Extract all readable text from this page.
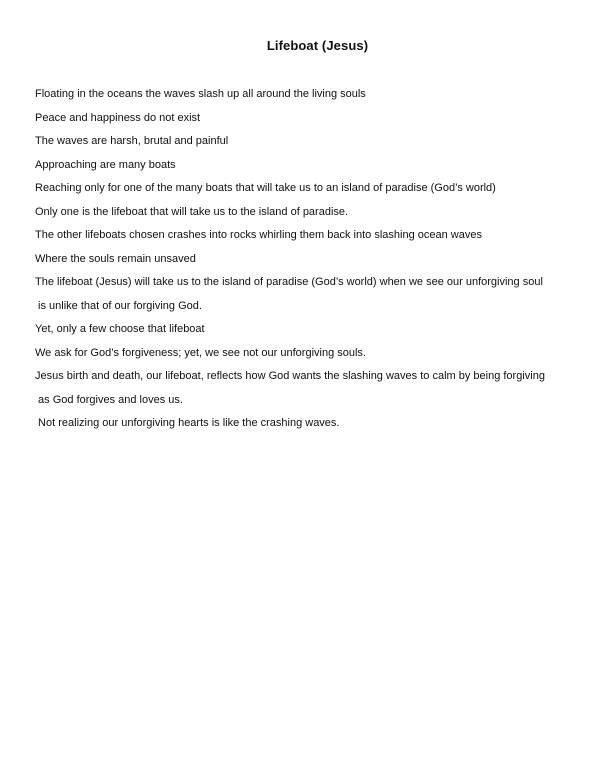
Lifeboat (Jesus)
Floating in the oceans the waves slash up all around the living souls
Peace and happiness do not exist
The waves are harsh, brutal and painful
Approaching are many boats
Reaching only for one of the many boats that will take us to an island of paradise (God’s world)
Only one is the lifeboat that will take us to the island of paradise.
The other lifeboats chosen crashes into rocks whirling them back into slashing ocean waves
Where the souls remain unsaved
The lifeboat (Jesus) will take us to the island of paradise (God’s world) when we see our unforgiving soul
is unlike that of our forgiving God.
Yet, only a few choose that lifeboat
We ask for God’s forgiveness; yet, we see not our unforgiving souls.
Jesus birth and death, our lifeboat, reflects how God wants the slashing waves to calm by being forgiving
as God forgives and loves us.
Not realizing our unforgiving hearts is like the crashing waves.
